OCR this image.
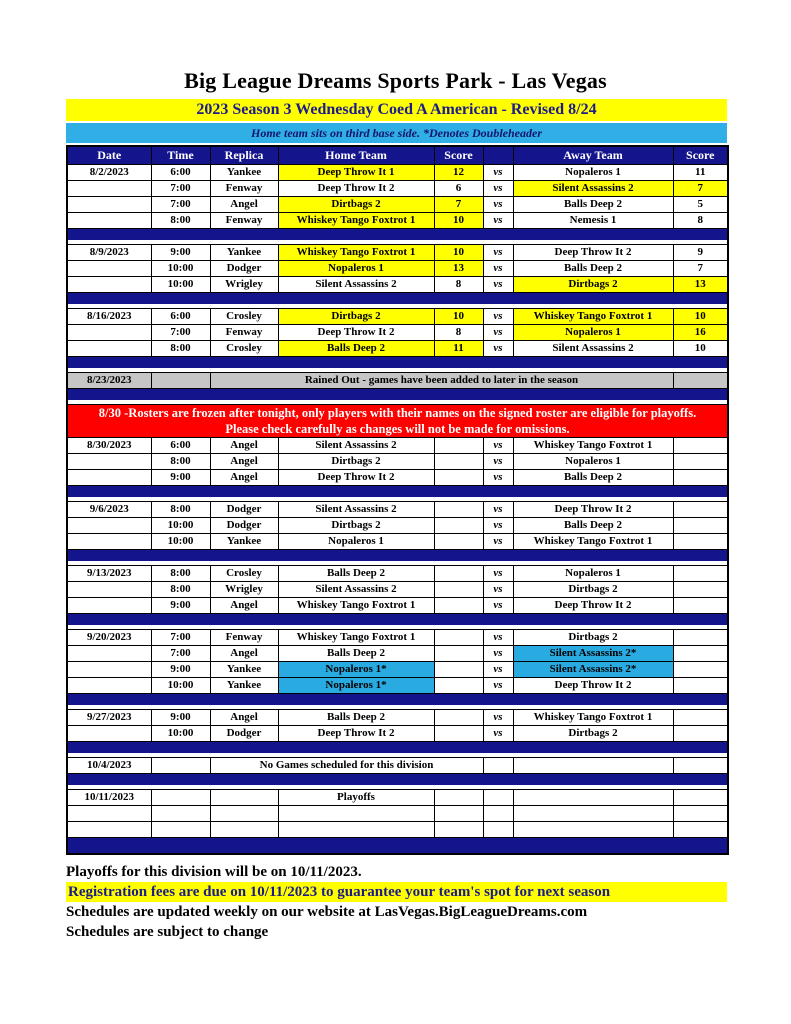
Big League Dreams Sports Park - Las Vegas
2023 Season 3 Wednesday Coed A American - Revised 8/24
Home team sits on third base side. *Denotes Doubleheader
Date	Time	Replica	Home Team	Score		Away Team	Score
8/2/2023	6:00	Yankee	Deep Throw It 1	12	vs	Nopaleros 1	11
	7:00	Fenway	Deep Throw It 2	6	vs	Silent Assassins 2	7
	7:00	Angel	Dirtbags 2	7	vs	Balls Deep 2	5
	8:00	Fenway	Whiskey Tango Foxtrot 1	10	vs	Nemesis 1	8

8/9/2023	9:00	Yankee	Whiskey Tango Foxtrot 1	10	vs	Deep Throw It 2	9
	10:00	Dodger	Nopaleros 1	13	vs	Balls Deep 2	7
	10:00	Wrigley	Silent Assassins 2	8	vs	Dirtbags 2	13

8/16/2023	6:00	Crosley	Dirtbags 2	10	vs	Whiskey Tango Foxtrot 1	10
	7:00	Fenway	Deep Throw It 2	8	vs	Nopaleros 1	16
	8:00	Crosley	Balls Deep 2	11	vs	Silent Assassins 2	10

8/23/2023		Rained Out - games have been added to later in the season					

8/30 -Rosters are frozen after tonight, only players with their names on the signed roster are eligible for playoffs.
Please check carefully as changes will not be made for omissions.							

8/30/2023	6:00	Angel	Silent Assassins 2		vs	Whiskey Tango Foxtrot 1	
	8:00	Angel	Dirtbags 2		vs	Nopaleros 1	
	9:00	Angel	Deep Throw It 2		vs	Balls Deep 2	

9/6/2023	8:00	Dodger	Silent Assassins 2		vs	Deep Throw It 2	
	10:00	Dodger	Dirtbags 2		vs	Balls Deep 2	
	10:00	Yankee	Nopaleros 1		vs	Whiskey Tango Foxtrot 1	

9/13/2023	8:00	Crosley	Balls Deep 2		vs	Nopaleros 1	
	8:00	Wrigley	Silent Assassins 2		vs	Dirtbags 2	
	9:00	Angel	Whiskey Tango Foxtrot 1		vs	Deep Throw It 2	

9/20/2023	7:00	Fenway	Whiskey Tango Foxtrot 1		vs	Dirtbags 2	
	7:00	Angel	Balls Deep 2		vs	Silent Assassins 2*	
	9:00	Yankee	Nopaleros 1*		vs	Silent Assassins 2*	
	10:00	Yankee	Nopaleros 1*		vs	Deep Throw It 2	

9/27/2023	9:00	Angel	Balls Deep 2		vs	Whiskey Tango Foxtrot 1	
	10:00	Dodger	Deep Throw It 2		vs	Dirtbags 2	

10/4/2023		No Games scheduled for this division					

10/11/2023			Playoffs				

Playoffs for this division will be on 10/11/2023.
Registration fees are due on 10/11/2023 to guarantee your team's spot for next season
Schedules are updated weekly on our website at LasVegas.BigLeagueDreams.com
Schedules are subject to change
